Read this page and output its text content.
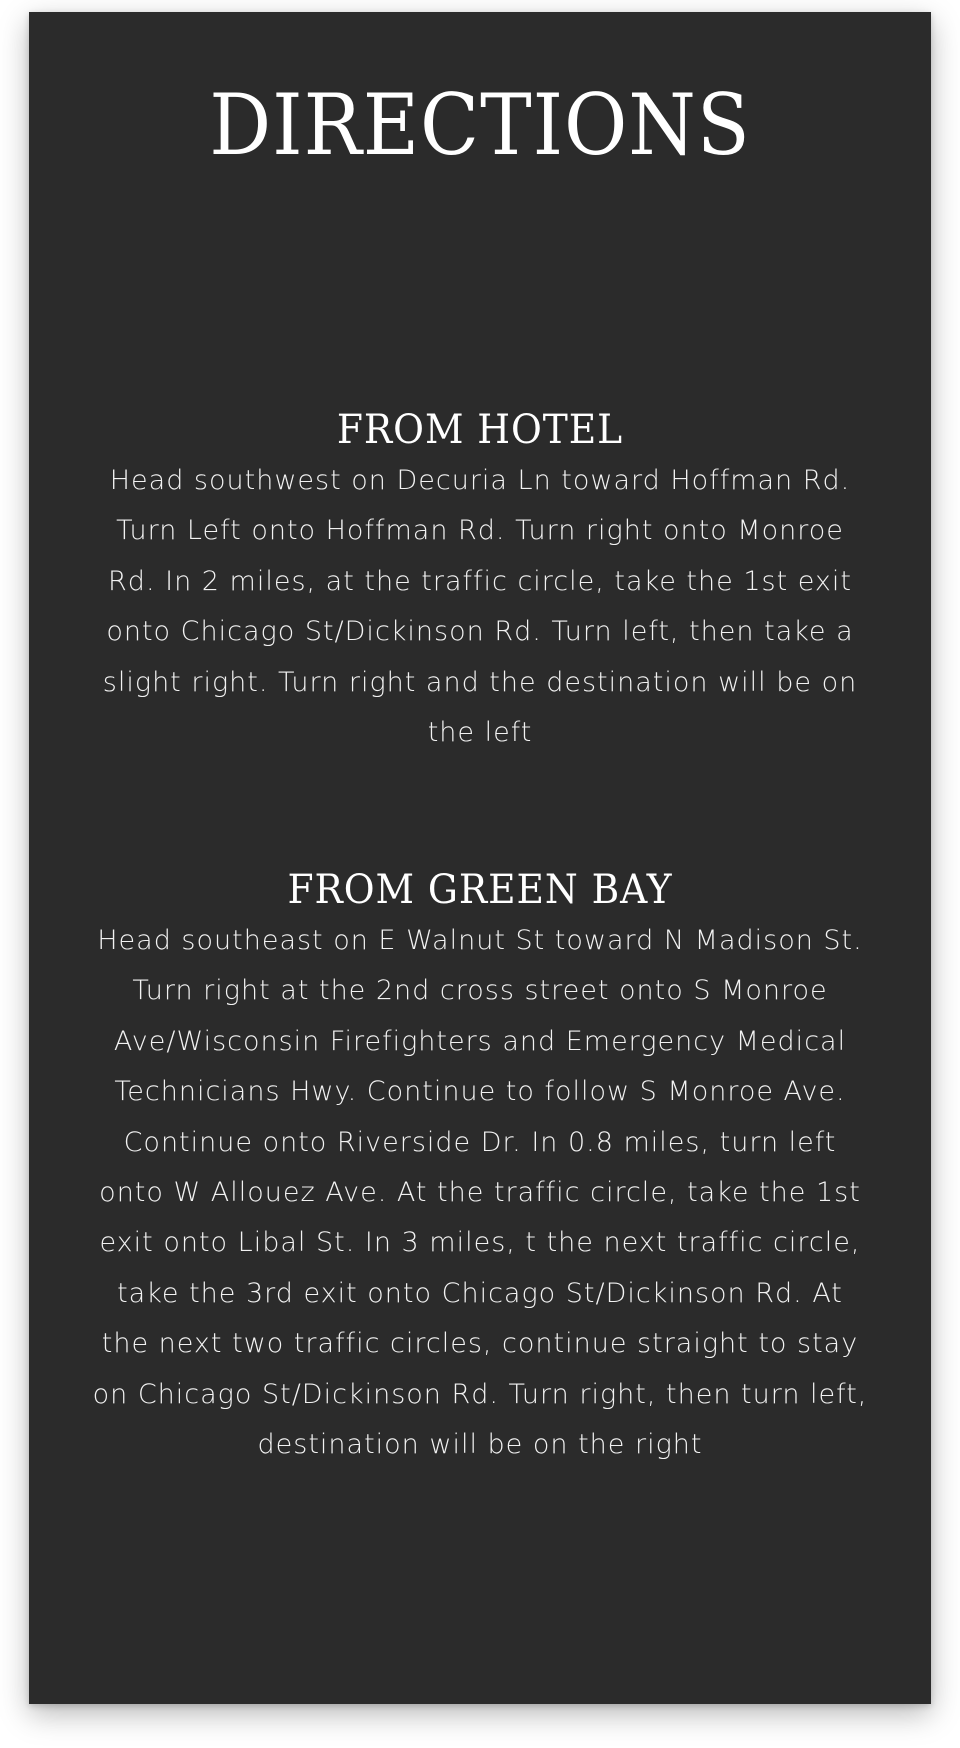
DIRECTIONS
FROM HOTEL

Head southwest on Decuria Ln toward Hoffman Rd. Turn Left onto Hoffman Rd. Turn right onto Monroe Rd. In 2 miles, at the traffic circle, take the 1st exit onto Chicago St/Dickinson Rd. Turn left, then take a slight right. Turn right and the destination will be on the left

FROM GREEN BAY

Head southeast on E Walnut St toward N Madison St. Turn right at the 2nd cross street onto S Monroe Ave/Wisconsin Firefighters and Emergency Medical Technicians Hwy. Continue to follow S Monroe Ave. Continue onto Riverside Dr. In 0.8 miles, turn left onto W Allouez Ave. At the traffic circle, take the 1st exit onto Libal St. In 3 miles, t the next traffic circle, take the 3rd exit onto Chicago St/Dickinson Rd. At the next two traffic circles, continue straight to stay on Chicago St/Dickinson Rd. Turn right, then turn left, destination will be on the right
